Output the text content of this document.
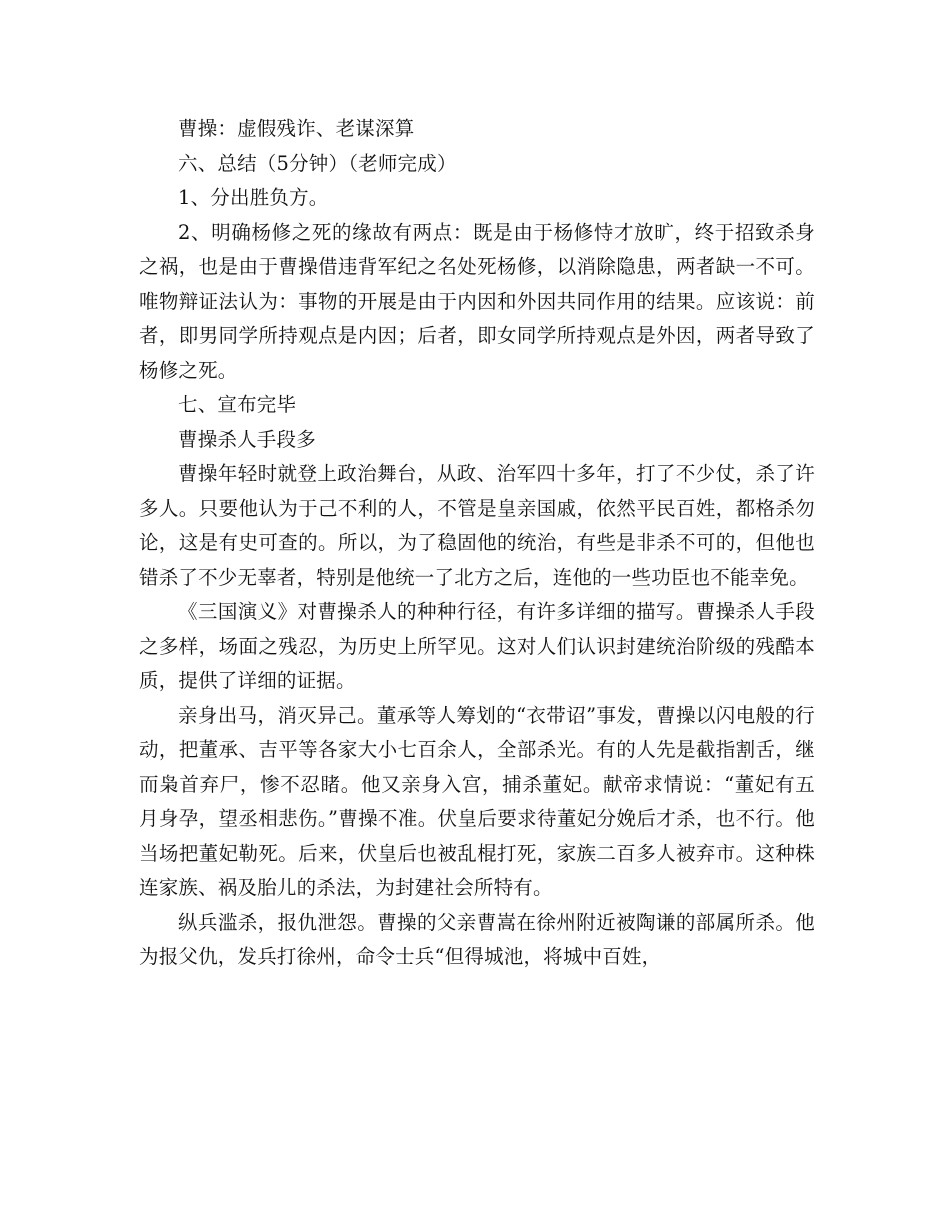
曹操：虚假残诈、老谋深算

六、总结（5分钟）（老师完成）

1、分出胜负方。

2、明确杨修之死的缘故有两点：既是由于杨修恃才放旷，终于招致杀身之祸，也是由于曹操借违背军纪之名处死杨修，以消除隐患，两者缺一不可。唯物辩证法认为：事物的开展是由于内因和外因共同作用的结果。应该说：前者，即男同学所持观点是内因；后者，即女同学所持观点是外因，两者导致了杨修之死。

七、宣布完毕

曹操杀人手段多

曹操年轻时就登上政治舞台，从政、治军四十多年，打了不少仗，杀了许多人。只要他认为于己不利的人，不管是皇亲国戚，依然平民百姓，都格杀勿论，这是有史可查的。所以，为了稳固他的统治，有些是非杀不可的，但他也错杀了不少无辜者，特别是他统一了北方之后，连他的一些功臣也不能幸免。

《三国演义》对曹操杀人的种种行径，有许多详细的描写。曹操杀人手段之多样，场面之残忍，为历史上所罕见。这对人们认识封建统治阶级的残酷本质，提供了详细的证据。

亲身出马，消灭异己。董承等人筹划的“衣带诏”事发，曹操以闪电般的行动，把董承、吉平等各家大小七百余人，全部杀光。有的人先是截指割舌，继而枭首弃尸，惨不忍睹。他又亲身入宫，捕杀董妃。献帝求情说：“董妃有五月身孕，望丞相悲伤。”曹操不准。伏皇后要求待董妃分娩后才杀，也不行。他当场把董妃勒死。后来，伏皇后也被乱棍打死，家族二百多人被弃市。这种株连家族、祸及胎儿的杀法，为封建社会所特有。

纵兵滥杀，报仇泄怨。曹操的父亲曹嵩在徐州附近被陶谦的部属所杀。他为报父仇，发兵打徐州，命令士兵“但得城池，将城中百姓，
